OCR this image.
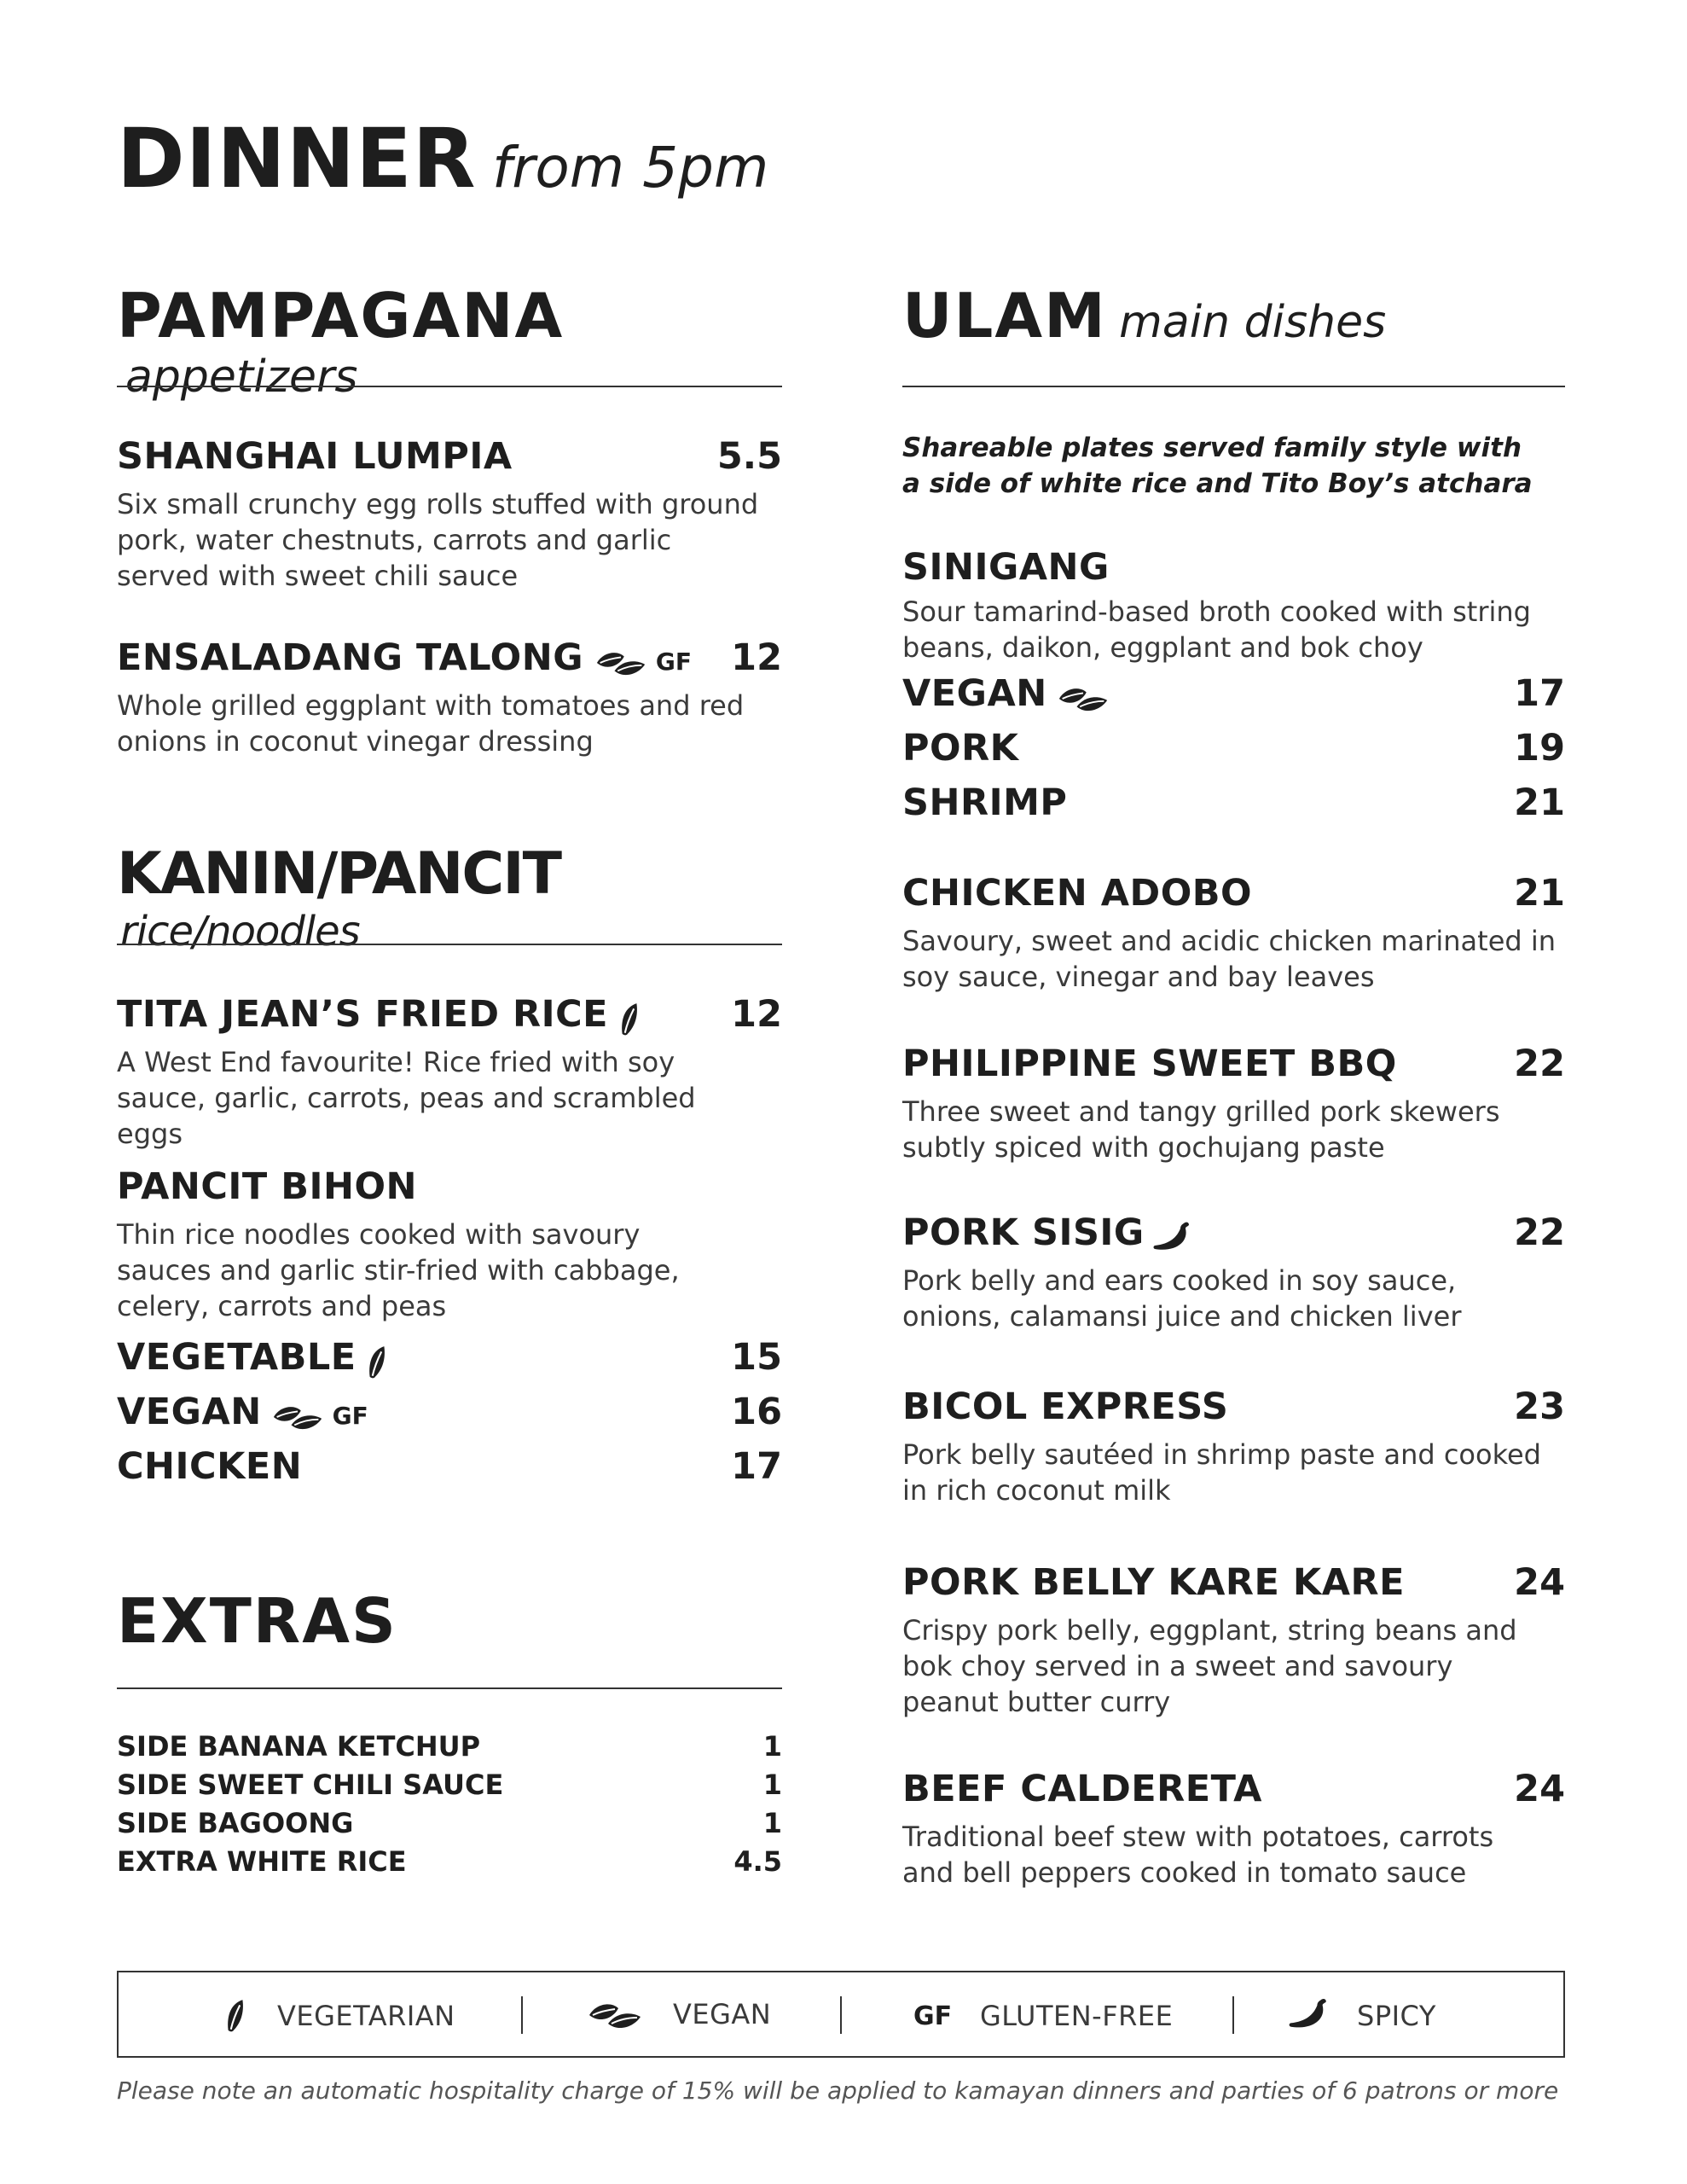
DINNER from 5pm
PAMPAGANA appetizers
SHANGHAI LUMPIA	5.5
Six small crunchy egg rolls stuffed with ground pork, water chestnuts, carrots and garlic served with sweet chili sauce
ENSALADANG TALONG	GF 12
Whole grilled eggplant with tomatoes and red onions in coconut vinegar dressing
KANIN/PANCIT rice/noodles
TITA JEAN’S FRIED RICE	12
A West End favourite! Rice fried with soy sauce, garlic, carrots, peas and scrambled eggs
PANCIT BIHON
Thin rice noodles cooked with savoury sauces and garlic stir-fried with cabbage, celery, carrots and peas
VEGETABLE	15
VEGAN	GF	16
CHICKEN	17
EXTRAS
SIDE BANANA KETCHUP	1
SIDE SWEET CHILI SAUCE	1
SIDE BAGOONG	1
EXTRA WHITE RICE	4.5
ULAM main dishes
Shareable plates served family style with a side of white rice and Tito Boy’s atchara
SINIGANG
Sour tamarind-based broth cooked with string beans, daikon, eggplant and bok choy
VEGAN	17
PORK	19
SHRIMP	21
CHICKEN ADOBO	21
Savoury, sweet and acidic chicken marinated in soy sauce, vinegar and bay leaves
PHILIPPINE SWEET BBQ	22
Three sweet and tangy grilled pork skewers subtly spiced with gochujang paste
PORK SISIG	22
Pork belly and ears cooked in soy sauce, onions, calamansi juice and chicken liver
BICOL EXPRESS	23
Pork belly sautéed in shrimp paste and cooked in rich coconut milk
PORK BELLY KARE KARE	24
Crispy pork belly, eggplant, string beans and bok choy served in a sweet and savoury peanut butter curry
BEEF CALDERETA	24
Traditional beef stew with potatoes, carrots and bell peppers cooked in tomato sauce
VEGETARIAN	VEGAN	GF GLUTEN-FREE	SPICY
Please note an automatic hospitality charge of 15% will be applied to kamayan dinners and parties of 6 patrons or more
